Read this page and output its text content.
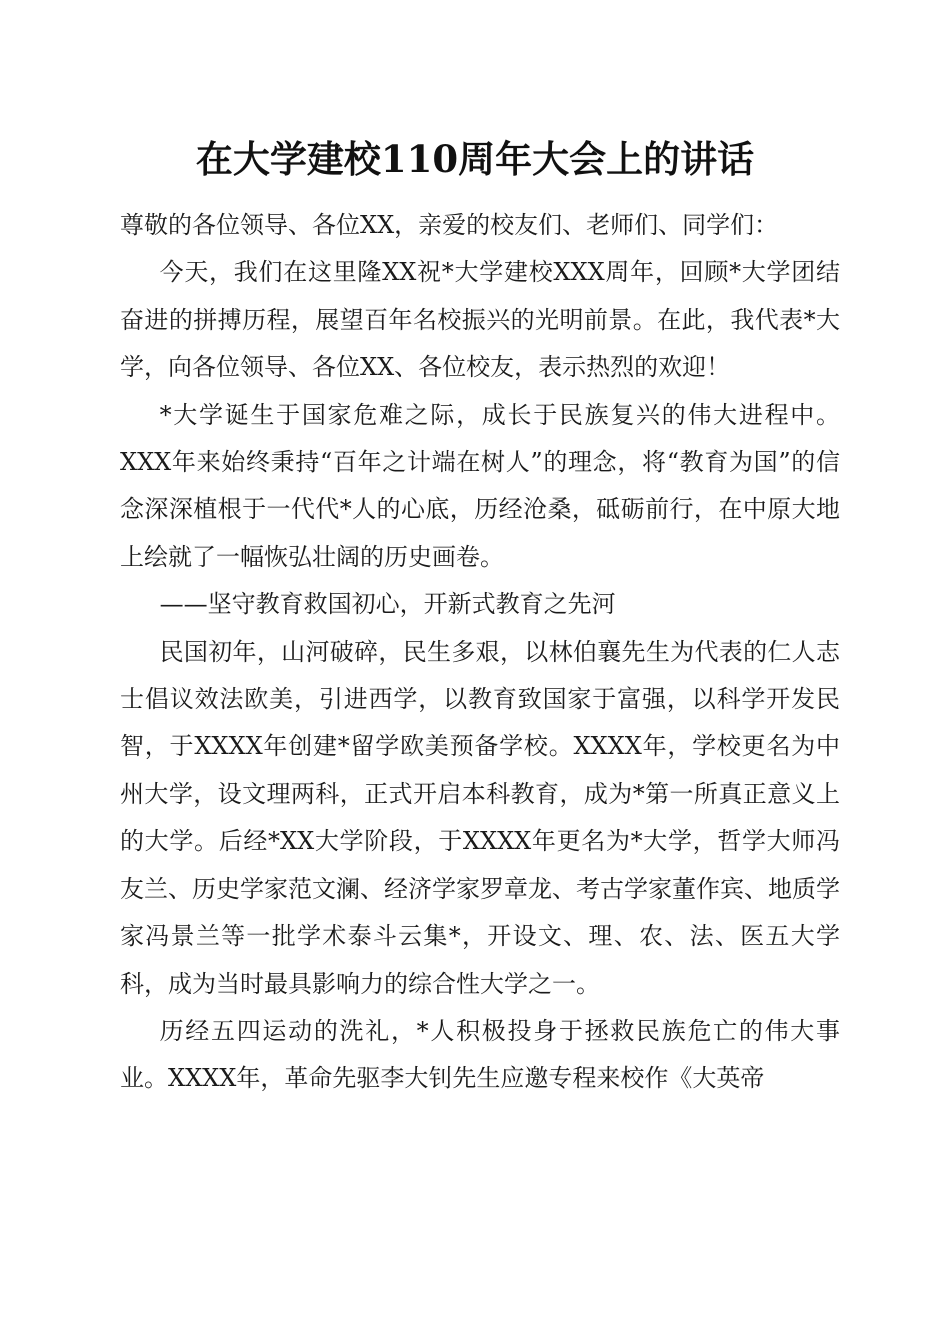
在大学建校110周年大会上的讲话

尊敬的各位领导、各位XX，亲爱的校友们、老师们、同学们：

今天，我们在这里隆XX祝*大学建校XXX周年，回顾*大学团结奋进的拼搏历程，展望百年名校振兴的光明前景。在此，我代表*大学，向各位领导、各位XX、各位校友，表示热烈的欢迎！

*大学诞生于国家危难之际，成长于民族复兴的伟大进程中。XXX年来始终秉持“百年之计端在树人”的理念，将“教育为国”的信念深深植根于一代代*人的心底，历经沧桑，砥砺前行，在中原大地上绘就了一幅恢弘壮阔的历史画卷。

——坚守教育救国初心，开新式教育之先河

民国初年，山河破碎，民生多艰，以林伯襄先生为代表的仁人志士倡议效法欧美，引进西学，以教育致国家于富强，以科学开发民智，于XXXX年创建*留学欧美预备学校。XXXX年，学校更名为中州大学，设文理两科，正式开启本科教育，成为*第一所真正意义上的大学。后经*XX大学阶段，于XXXX年更名为*大学，哲学大师冯友兰、历史学家范文澜、经济学家罗章龙、考古学家董作宾、地质学家冯景兰等一批学术泰斗云集*，开设文、理、农、法、医五大学科，成为当时最具影响力的综合性大学之一。

历经五四运动的洗礼，*人积极投身于拯救民族危亡的伟大事业。XXXX年，革命先驱李大钊先生应邀专程来校作《大英帝
